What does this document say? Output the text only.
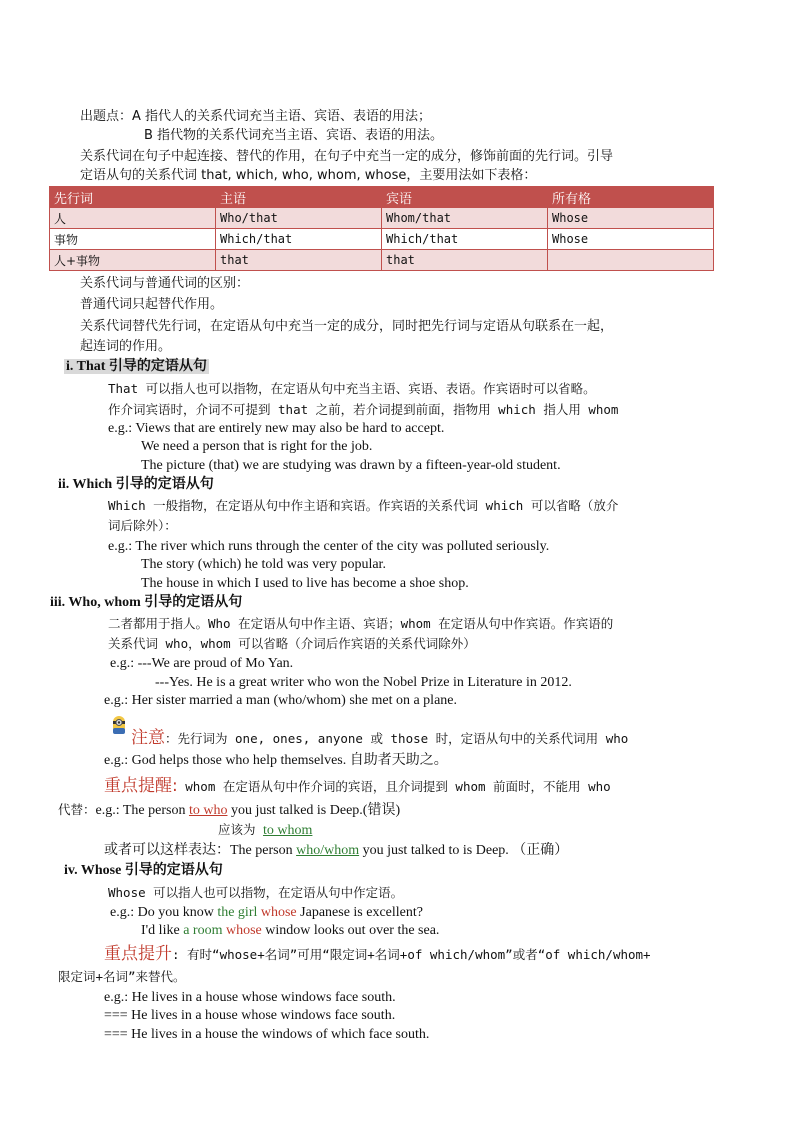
出题点：A 指代人的关系代词充当主语、宾语、表语的用法；
B 指代物的关系代词充当主语、宾语、表语的用法。
关系代词在句子中起连接、替代的作用，在句子中充当一定的成分，修饰前面的先行词。引导
定语从句的关系代词 that, which, who, whom, whose，主要用法如下表格：
先行词	主语	宾语	所有格
人	Who/that	Whom/that	Whose
事物	Which/that	Which/that	Whose
人+事物	that	that	
关系代词与普通代词的区别：
普通代词只起替代作用。
关系代词替代先行词，在定语从句中充当一定的成分，同时把先行词与定语从句联系在一起，
起连词的作用。
i. That 引导的定语从句
That 可以指人也可以指物，在定语从句中充当主语、宾语、表语。作宾语时可以省略。
作介词宾语时，介词不可提到 that 之前，若介词提到前面，指物用 which 指人用 whom
e.g.: Views that are entirely new may also be hard to accept.
We need a person that is right for the job.
The picture (that) we are studying was drawn by a fifteen-year-old student.
ii. Which 引导的定语从句
Which 一般指物，在定语从句中作主语和宾语。作宾语的关系代词 which 可以省略（放介
词后除外）：
e.g.: The river which runs through the center of the city was polluted seriously.
The story (which) he told was very popular.
The house in which I used to live has become a shoe shop.
iii. Who, whom 引导的定语从句
二者都用于指人。Who 在定语从句中作主语、宾语；whom 在定语从句中作宾语。作宾语的
关系代词 who，whom 可以省略（介词后作宾语的关系代词除外）
e.g.: ---We are proud of Mo Yan.
---Yes. He is a great writer who won the Nobel Prize in Literature in 2012.
e.g.: Her sister married a man (who/whom) she met on a plane.
注意：先行词为 one, ones, anyone 或 those 时，定语从句中的关系代词用 who
e.g.: God helps those who help themselves. 自助者天助之。
重点提醒: whom 在定语从句中作介词的宾语，且介词提到 whom 前面时，不能用 who
代替：e.g.: The person to who you just talked is Deep.(错误)
应该为 to whom
或者可以这样表达：The person who/whom you just talked to is Deep. （正确）
iv. Whose 引导的定语从句
Whose 可以指人也可以指物，在定语从句中作定语。
e.g.: Do you know the girl whose Japanese is excellent?
I'd like a room whose window looks out over the sea.
重点提升: 有时“whose+名词”可用“限定词+名词+of which/whom”或者“of which/whom+
限定词+名词”来替代。
e.g.: He lives in a house whose windows face south.
=== He lives in a house whose windows face south.
=== He lives in a house the windows of which face south.
